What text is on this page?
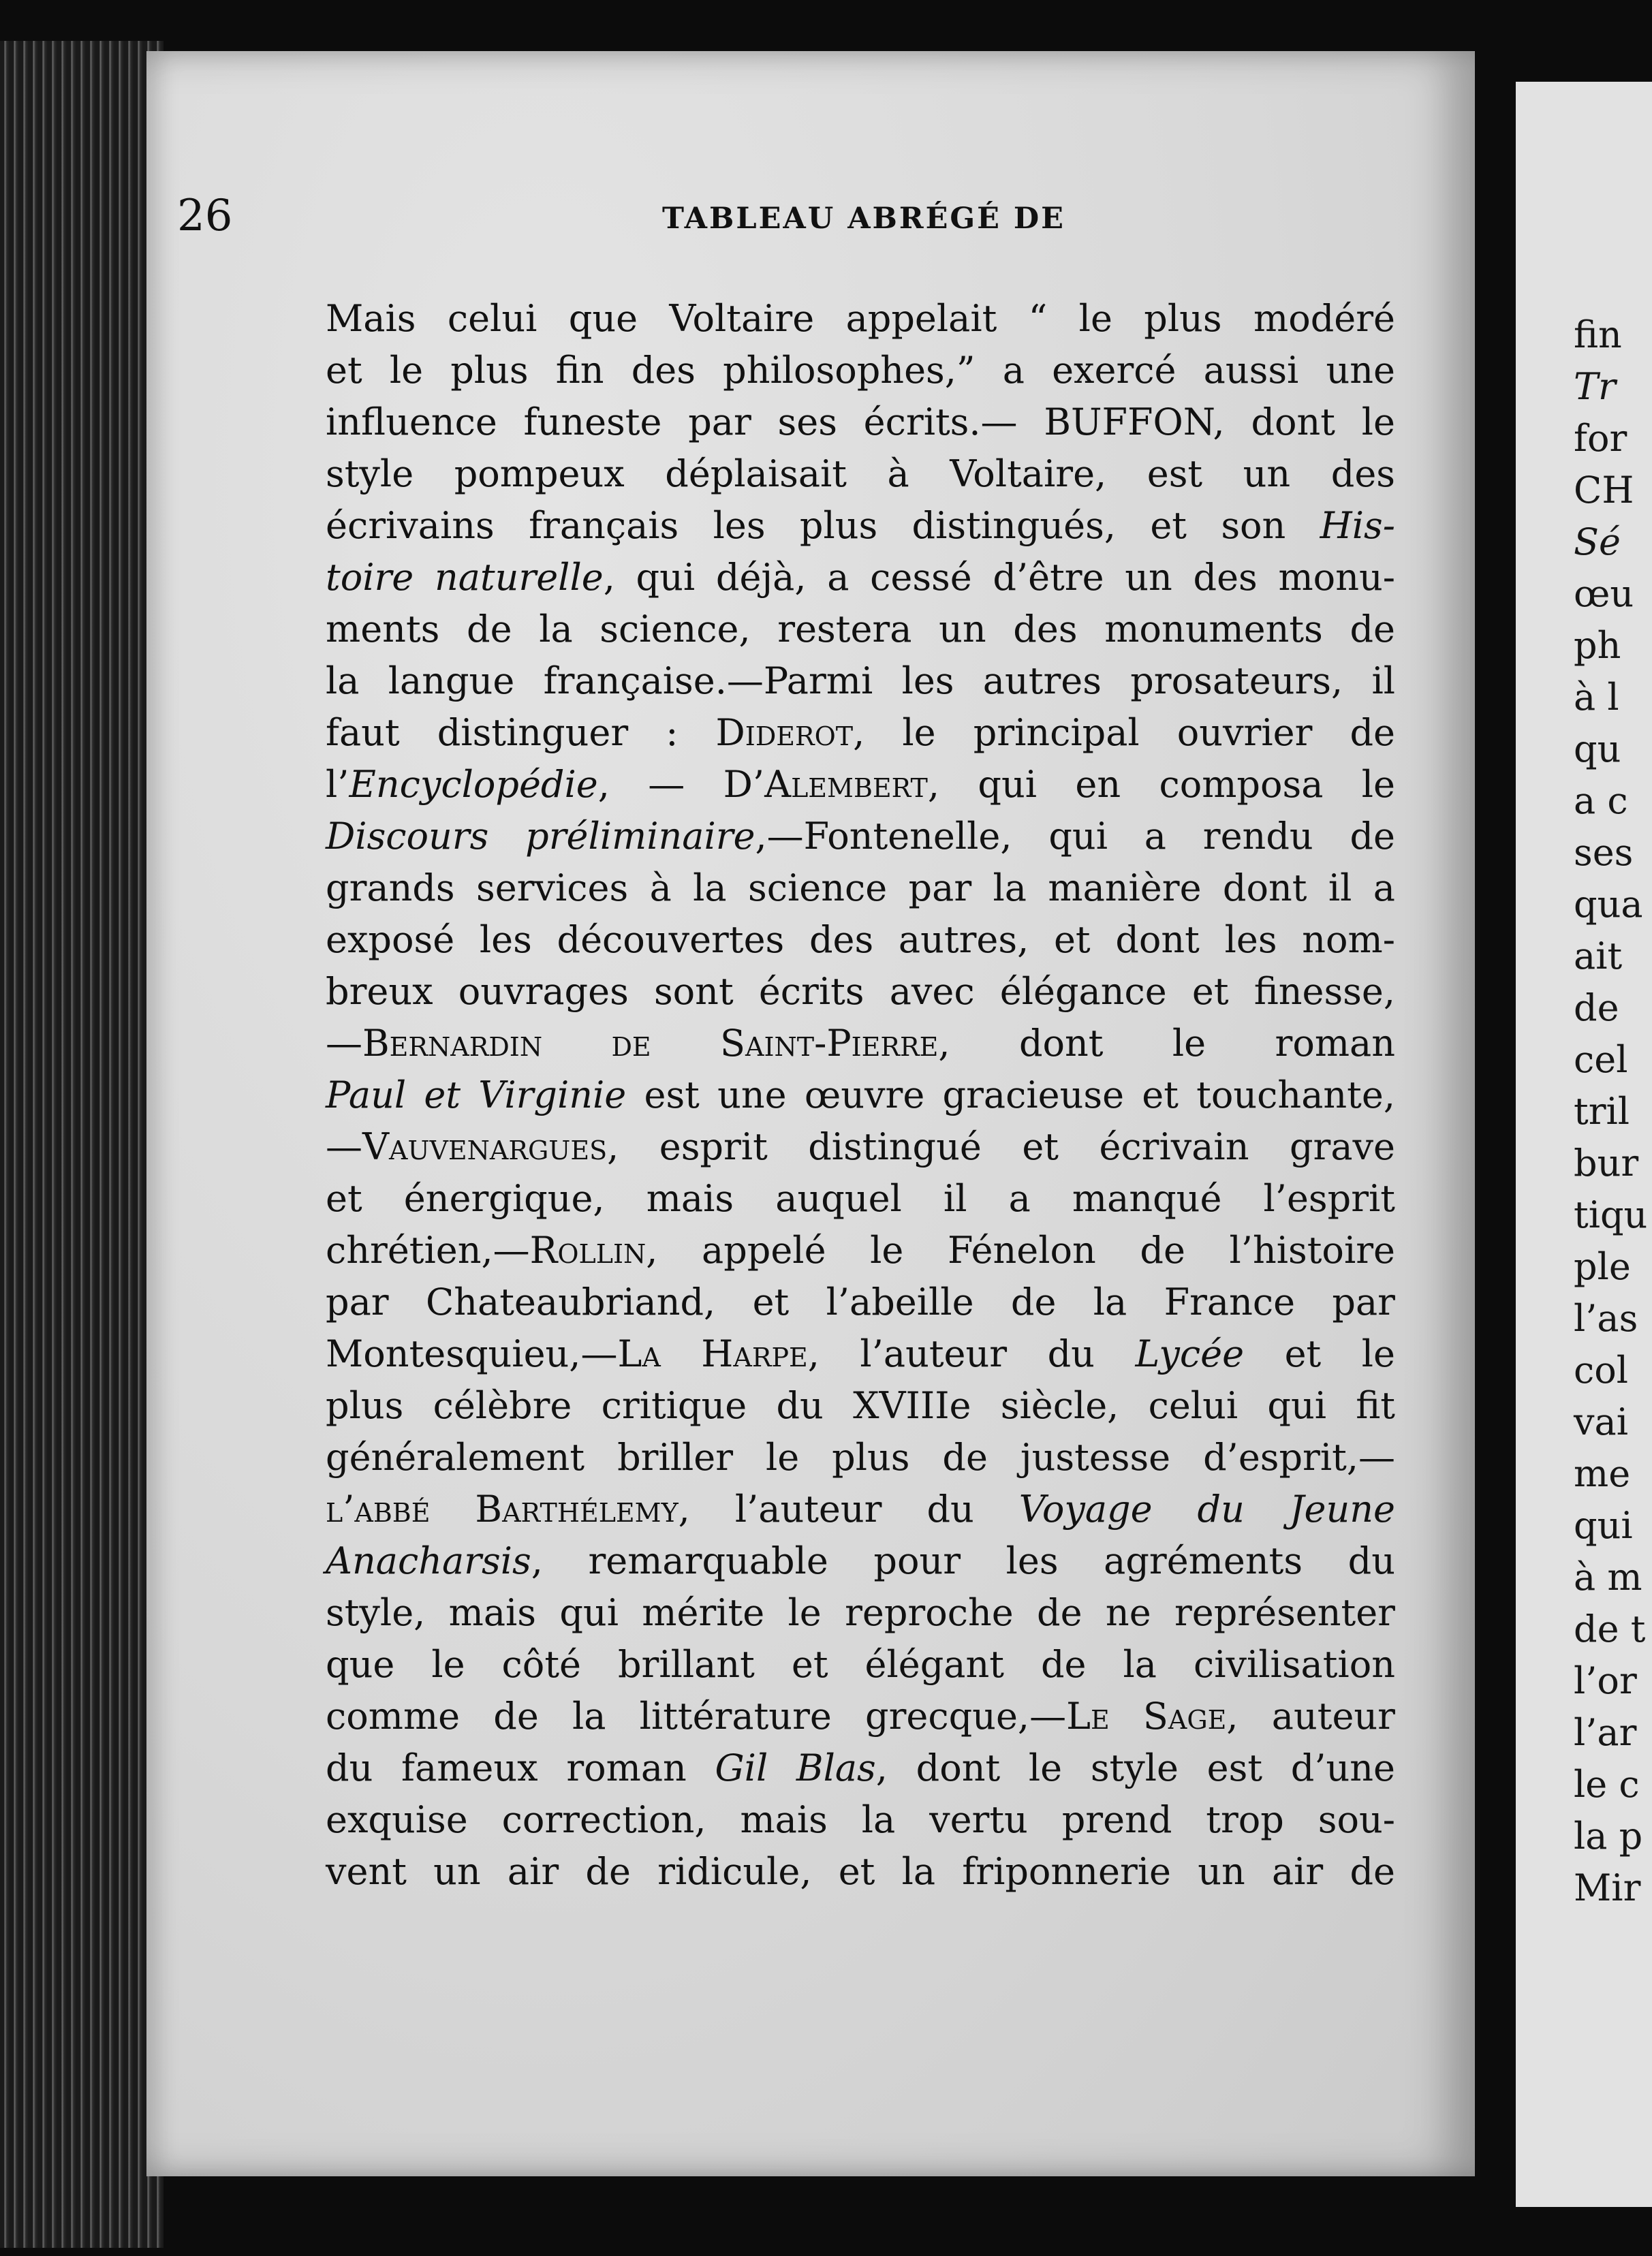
fin
Tr
for
CH
Sé
œu
ph
à l
qu
a c
ses
qua
ait
de
cel
tril
bur
tiqu
ple
l’as
col
vai
me
qui
à m
de t
l’or
l’ar
le c
la p
Mir
26	TABLEAU ABRÉGÉ DE
Mais celui que Voltaire appelait “ le plus modéré
et le plus fin des philosophes,” a exercé aussi une
influence funeste par ses écrits.— BUFFON, dont le
style pompeux déplaisait à Voltaire, est un des
écrivains français les plus distingués, et son His-
toire naturelle, qui déjà, a cessé d’être un des monu-
ments de la science, restera un des monuments de
la langue française.—Parmi les autres prosateurs, il
faut distinguer : Diderot, le principal ouvrier de
l’Encyclopédie, — D’Alembert, qui en composa le
Discours préliminaire,—Fontenelle, qui a rendu de
grands services à la science par la manière dont il a
exposé les découvertes des autres, et dont les nom-
breux ouvrages sont écrits avec élégance et finesse,
—Bernardin de Saint-Pierre, dont le roman
Paul et Virginie est une œuvre gracieuse et touchante,
—Vauvenargues, esprit distingué et écrivain grave
et énergique, mais auquel il a manqué l’esprit
chrétien,—Rollin, appelé le Fénelon de l’histoire
par Chateaubriand, et l’abeille de la France par
Montesquieu,—La Harpe, l’auteur du Lycée et le
plus célèbre critique du XVIIIe siècle, celui qui fit
généralement briller le plus de justesse d’esprit,—
l’abbé Barthélemy, l’auteur du Voyage du Jeune
Anacharsis, remarquable pour les agréments du
style, mais qui mérite le reproche de ne représenter
que le côté brillant et élégant de la civilisation
comme de la littérature grecque,—Le Sage, auteur
du fameux roman Gil Blas, dont le style est d’une
exquise correction, mais la vertu prend trop sou-
vent un air de ridicule, et la friponnerie un air de
